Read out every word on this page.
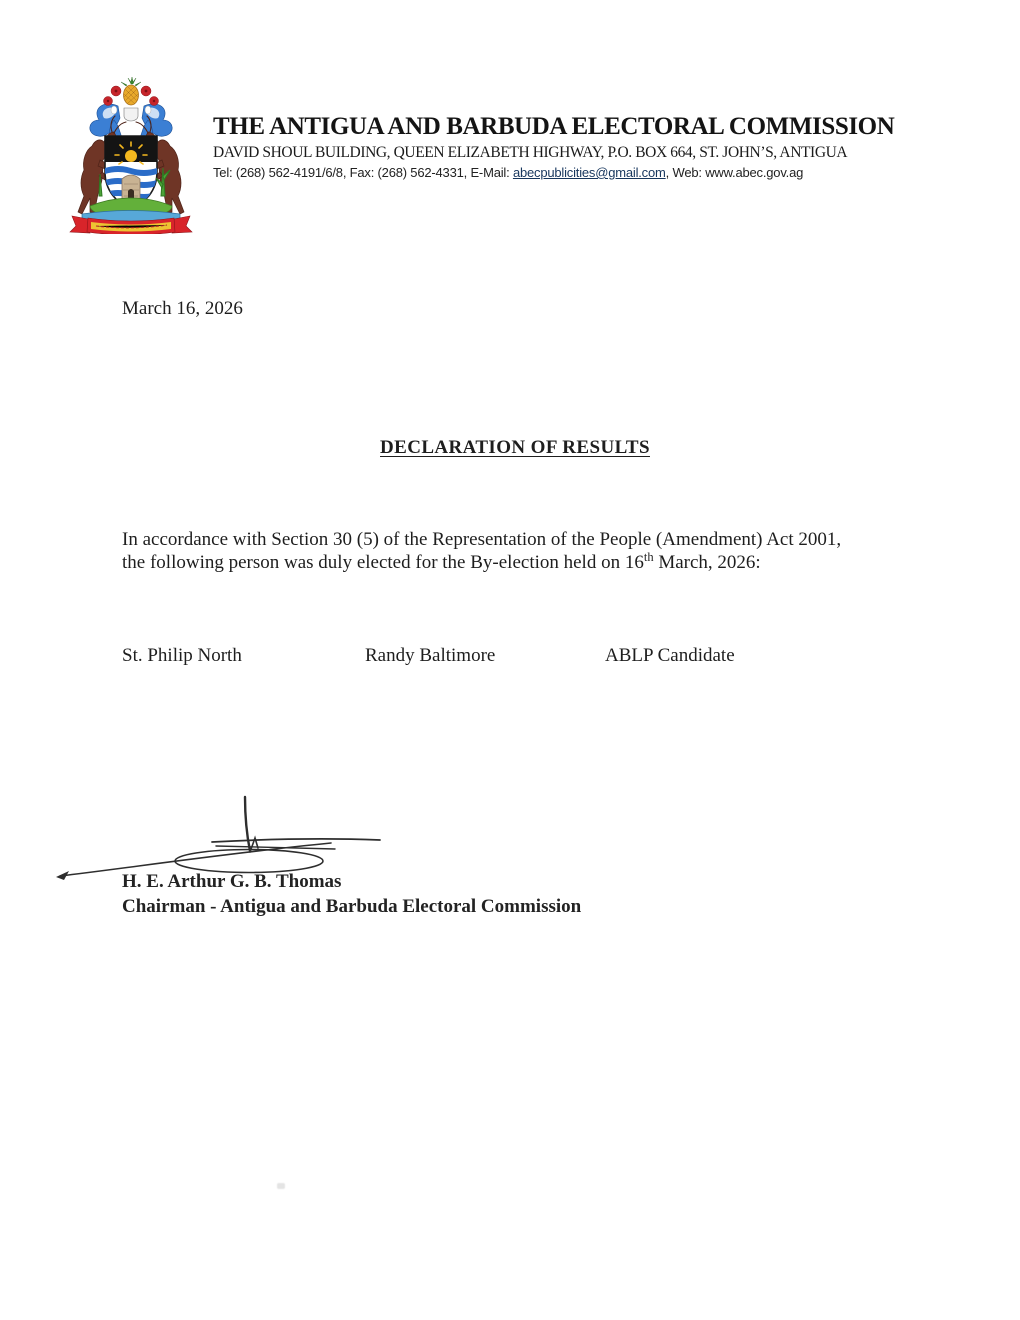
THE ANTIGUA AND BARBUDA ELECTORAL COMMISSION
DAVID SHOUL BUILDING, QUEEN ELIZABETH HIGHWAY, P.O. BOX 664, ST. JOHN’S, ANTIGUA
Tel: (268) 562-4191/6/8, Fax: (268) 562-4331, E-Mail: abecpublicities@gmail.com, Web: www.abec.gov.ag
March 16, 2026
DECLARATION OF RESULTS
In accordance with Section 30 (5) of the Representation of the People (Amendment) Act 2001,
the following person was duly elected for the By-election held on 16th March, 2026:
St. Philip North	Randy Baltimore	ABLP Candidate
H. E. Arthur G. B. Thomas
Chairman - Antigua and Barbuda Electoral Commission
